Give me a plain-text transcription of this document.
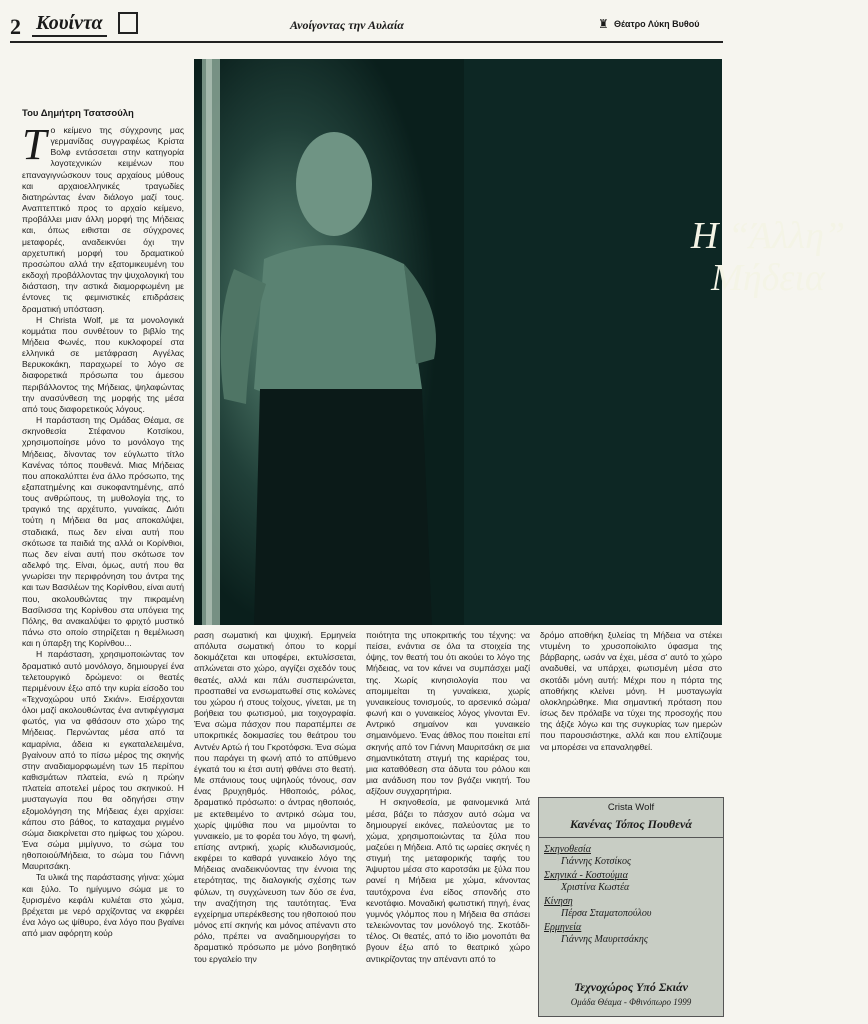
2 Κουίντα	Ανοίγοντας την Αυλαία	♜ Θέατρο Λύκη Βυθού
Του Δημήτρη Τσατσούλη
Η “Άλλη”
Μήδεια

Το κείμενο της σύγχρονης μας γερμανίδας συγγραφέως Κρίστα Βολφ εντάσσεται στην κατηγορία λογοτεχνικών κειμένων που επαναγιγνώσκουν τους αρχαίους μύθους και αρχαιοελληνικές τραγωδίες διατηρώντας έναν διάλογο μαζί τους. Αναπτεπτικό προς το αρχαίο κείμενο, προβάλλει μιαν άλλη μορφή της Μήδειας και, όπως ειθισται σε σύγχρονες μεταφορές, αναδεικνύει όχι την αρχετυπική μορφή του δραματικού προσώπου αλλά την εξατομικευμένη του εκδοχή προβάλλοντας την ψυχολογική του διάσταση, την αστικά διαμορφωμένη με έντονες τις φεμινιστικές επιδράσεις δραματική υπόσταση.

Η Christa Wolf, με τα μονολογικά κομμάτια που συνθέτουν το βιβλίο της Μήδεια Φωνές, που κυκλοφορεί στα ελληνικά σε μετάφραση Αγγέλας Βερυκοκάκη, παραχωρεί το λόγο σε διαφορετικά πρόσωπα του άμεσου περιβάλλοντος της Μήδειας, ψηλαφώντας την ανασύνθεση της μορφής της μέσα από τους διαφορετικούς λόγους.

Η παράσταση της Ομάδας Θέαμα, σε σκηνοθεσία Στέφανου Κοτσίκου, χρησιμοποίησε μόνο το μονόλογο της Μήδειας, δίνοντας τον εύγλωττο τίτλο Κανένας τόπος πουθενά. Μιας Μήδειας που αποκαλύπτει ένα άλλο πρόσωπο, της εξαπατημένης και συκοφαντημένης, από τους ανθρώπους, τη μυθολογία της, το τραγικό της αρχέτυπο, γυναίκας. Διότι τούτη η Μήδεια θα μας αποκαλύψει, σταδιακά, πως δεν είναι αυτή που σκότωσε τα παιδιά της αλλά οι Κορίνθιοι, πως δεν είναι αυτή που σκότωσε τον αδελφό της. Είναι, όμως, αυτή που θα γνωρίσει την περιφρόνηση του άντρα της και των Βασιλέων της Κορίνθου, είναι αυτή που, ακολουθώντας την πικραμένη Βασίλισσα της Κορίνθου στα υπόγεια της Πόλης, θα ανακαλύψει το φριχτό μυστικό πάνω στο οποίο στηρίζεται η θεμέλιωση και η ύπαρξη της Κορίνθου...

Η παράσταση, χρησιμοποιώντας τον δραματικό αυτό μονόλογο, δημιουργεί ένα τελετουργικό δρώμενο: οι θεατές περιμένουν έξω από την κυρία είσοδο του «Τεχνοχώρου υπό Σκιάν». Εισέρχονται όλοι μαζί ακολουθώντας ένα αντιφέγγισμα φωτός, για να φθάσουν στο χώρο της Μήδειας. Περνώντας μέσα από τα καμαρίνια, άδεια κι εγκαταλελειμένα, βγαίνουν από το πίσω μέρος της σκηνής στην αναδιαμορφωμένη των 15 περίπου καθισμάτων πλατεία, ενώ η πρώην πλατεία αποτελεί μέρος του σκηνικού. Η μυσταγωγία που θα οδηγήσει στην εξομολόγηση της Μήδειας έχει αρχίσει: κάπου στο βάθος, το καταχαμα ριγμένο σώμα διακρίνεται στο ημίφως του χώρου. Ένα σώμα μιμίγυνο, το σώμα του ηθοποιού/Μήδεια, το σώμα του Γιάννη Μαυριτσάκη.

Τα υλικά της παράστασης γήινα: χώμα και ξύλο. Το ημίγυμνο σώμα με το ξυρισμένο κεφάλι κυλιέται στο χώμα, βρέχεται με νερό αρχίζοντας να εκφρέει ένα λόγο ως ψίθυρο, ένα λόγο που βγαίνει από μιαν αφόρητη κούρ

ραση σωματική και ψυχική. Ερμηνεία απόλυτα σωματική όπου το κορμί δοκιμάζεται και υποφέρει, εκτυλίσσεται, απλώνεται στο χώρο, αγγίζει σχεδόν τους θεατές, αλλά και πάλι συσπειρώνεται, προσπαθεί να ενσωματωθεί στις κολώνες του χώρου ή στους τοίχους, γίνεται, με τη βοήθεια του φωτισμού, μια τοιχογραφία. Ένα σώμα πάσχον που παραπέμπει σε υποκριτικές δοκιμασίες του θεάτρου του Αντνέν Αρτώ ή του Γκροτόφσκι. Ένα σώμα που παράγει τη φωνή από το απύθμενο έγκατά του κι έτσι αυτή φθάνει στο θεατή. Με σπάνιους τους υψηλούς τόνους, σαν ένας βρυχηθμός. Ηθοποιός, ρόλος, δραματικό πρόσωπο: ο άντρας ηθοποιός, με εκτεθειμένο το αντρικό σώμα του, χωρίς ψιμύθια που να μιμούνται το γυναικείο, με το φορέα του λόγο, τη φωνή, επίσης αντρική, χωρίς κλυδωνισμούς, εκφέρει το καθαρά γυναικείο λόγο της Μήδειας αναδεικνύοντας την έννοια της ετερότητας, της διαλογικής σχέσης των φύλων, τη συγχώνευση των δύο σε ένα, την αναζήτηση της ταυτότητας. Ένα εγχείρημα υπερέκθεσης του ηθοποιού που μόνος επί σκηνής και μόνος απέναντι στο ρόλο, πρέπει να αναδημιουργήσει το δραματικό πρόσωπο με μόνο βοηθητικό του εργαλείο την

ποιότητα της υποκριτικής του τέχνης: να πείσει, ενάντια σε όλα τα στοιχεία της όψης, τον θεατή του ότι ακούει το λόγο της Μήδειας, να τον κάνει να συμπάσχει μαζί της. Χωρίς κινησιολογία που να απομιμείται τη γυναίκεια, χωρίς γυναικείους τονισμούς, το αρσενικό σώμα/φωνή και ο γυναικείος λόγος γίνονται Εν. Αντρικό σημαίνον και γυναικείο σημαινόμενο. Ένας άθλος που ποιείται επί σκηνής από τον Γιάννη Μαυριτσάκη σε μια σημαντικότατη στιγμή της καριέρας του, μια καταθόθεση στα άδυτα του ρόλου και μια ανάδυση που τον βγάζει νικητή. Του αξίζουν συγχαρητήρια.

Η σκηνοθεσία, με φαινομενικά λιτά μέσα, βάζει το πάσχον αυτό σώμα να δημιουργεί εικόνες, παλεύοντας με το χώμα, χρησιμοποιώντας τα ξύλα που μαζεύει η Μήδεια. Από τις ωραίες σκηνές η στιγμή της μεταφορικής ταφής του Άψυρτου μέσα στο καροτσάκι με ξύλα που ρανεί η Μήδεια με χώμα, κάνοντας ταυτόχρονα ένα είδος σπονδής στο κενοτάφιο. Μοναδική φωτιστική πηγή, ένας γυμνός γλόμπος που η Μήδεια θα σπάσει τελειώνοντας τον μονόλογό της. Σκοτάδι-τέλος. Οι θεατές, από το ίδιο μονοπάτι θα βγουν έξω από το θεατρικό χώρο αντικρίζοντας την απέναντι από το

δρόμο αποθήκη ξυλείας τη Μήδεια να στέκει ντυμένη το χρυσοποίκιλτο ύφασμα της βάρβαρης, ωσάν να έχει, μέσα σ' αυτό το χώρο αναδυθεί, να υπάρχει, φωτισμένη μέσα στο σκοτάδι μόνη αυτή: Μέχρι που η πόρτα της αποθήκης κλείνει μόνη. Η μυσταγωγία ολοκληρώθηκε. Μια σημαντική πρόταση που ίσως δεν πρόλαβε να τύχει της προσοχής που της άξιζε λόγω και της συγκυρίας των ημερών που παρουσιάστηκε, αλλά και που ελπίζουμε να μπορέσει να επαναληφθεί.

Crista Wolf
Κανένας Τόπος Πουθενά
Σκηνοθεσία
Γιάννης Κοτσίκος
Σκηνικά - Κοστούμια
Χριστίνα Κωστέα
Κίνηση
Πέρσα Σταματοπούλου
Ερμηνεία
Γιάννης Μαυριτσάκης
Τεχνοχώρος Υπό Σκιάν
Ομάδα Θέαμα - Φθινόπωρο 1999
